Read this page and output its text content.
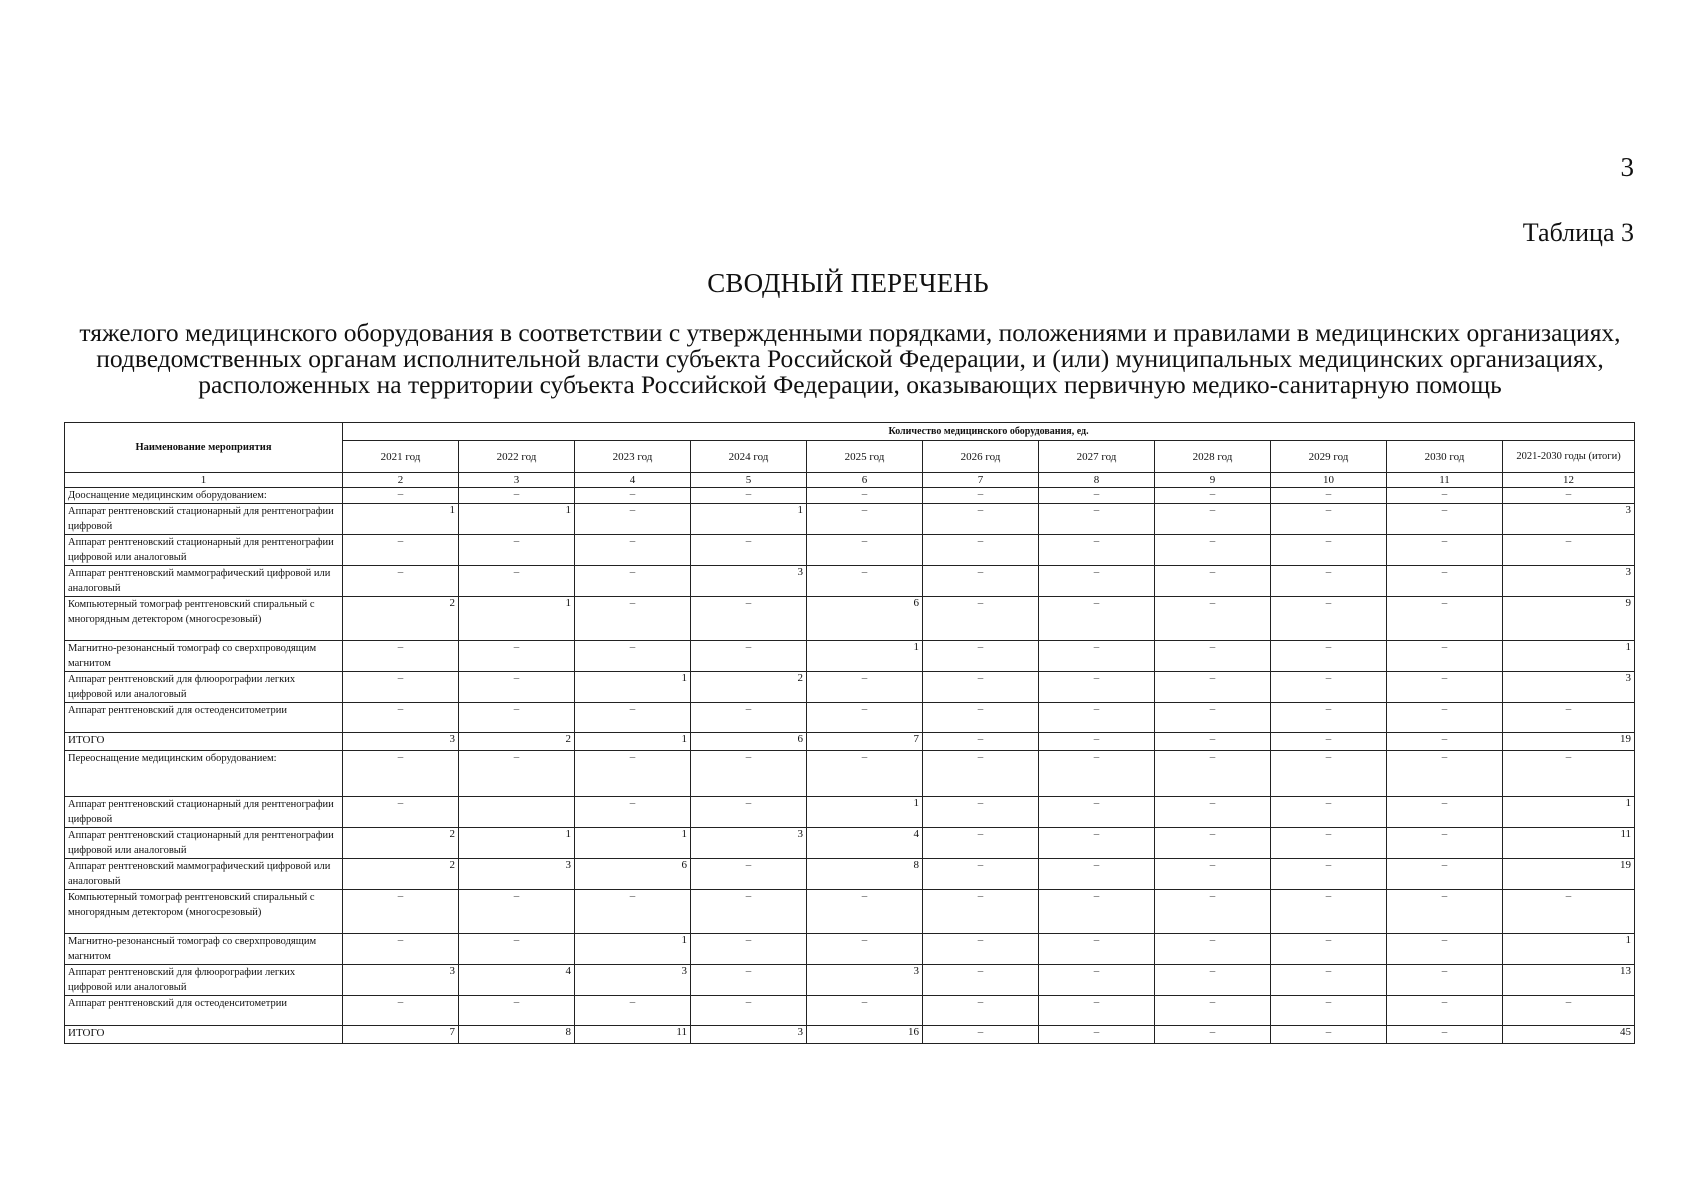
3
Таблица 3
СВОДНЫЙ ПЕРЕЧЕНЬ
тяжелого медицинского оборудования в соответствии с утвержденными порядками, положениями и правилами в медицинских организациях, подведомственных органам исполнительной власти субъекта Российской Федерации, и (или) муниципальных медицинских организациях, расположенных на территории субъекта Российской Федерации, оказывающих первичную медико-санитарную помощь
Наименование мероприятия	Количество медицинского оборудования, ед.										
	2021 год	2022 год	2023 год	2024 год	2025 год	2026 год	2027 год	2028 год	2029 год	2030 год	2021-2030 годы (итоги)
1	2	3	4	5	6	7	8	9	10	11	12
Дооснащение медицинским оборудованием:	–	–	–	–	–	–	–	–	–	–	–
Аппарат рентгеновский стационарный для рентгенографии цифровой	1	1	–	1	–	–	–	–	–	–	3
Аппарат рентгеновский стационарный для рентгенографии цифровой или аналоговый	–	–	–	–	–	–	–	–	–	–	–
Аппарат рентгеновский маммографический цифровой или аналоговый	–	–	–	3	–	–	–	–	–	–	3
Компьютерный томограф рентгеновский спиральный с многорядным детектором (многосрезовый)	2	1	–	–	6	–	–	–	–	–	9
Магнитно-резонансный томограф со сверхпроводящим магнитом	–	–	–	–	1	–	–	–	–	–	1
Аппарат рентгеновский для флюорографии легких цифровой или аналоговый	–	–	1	2	–	–	–	–	–	–	3
Аппарат рентгеновский для остеоденситометрии	–	–	–	–	–	–	–	–	–	–	–
ИТОГО	3	2	1	6	7	–	–	–	–	–	19
Переоснащение медицинским оборудованием:	–	–	–	–	–	–	–	–	–	–	–
Аппарат рентгеновский стационарный для рентгенографии цифровой	–		–	–	1	–	–	–	–	–	1
Аппарат рентгеновский стационарный для рентгенографии цифровой или аналоговый	2	1	1	3	4	–	–	–	–	–	11
Аппарат рентгеновский маммографический цифровой или аналоговый	2	3	6	–	8	–	–	–	–	–	19
Компьютерный томограф рентгеновский спиральный с многорядным детектором (многосрезовый)	–	–	–	–	–	–	–	–	–	–	–
Магнитно-резонансный томограф со сверхпроводящим магнитом	–	–	1	–	–	–	–	–	–	–	1
Аппарат рентгеновский для флюорографии легких цифровой или аналоговый	3	4	3	–	3	–	–	–	–	–	13
Аппарат рентгеновский для остеоденситометрии	–	–	–	–	–	–	–	–	–	–	–
ИТОГО	7	8	11	3	16	–	–	–	–	–	45
